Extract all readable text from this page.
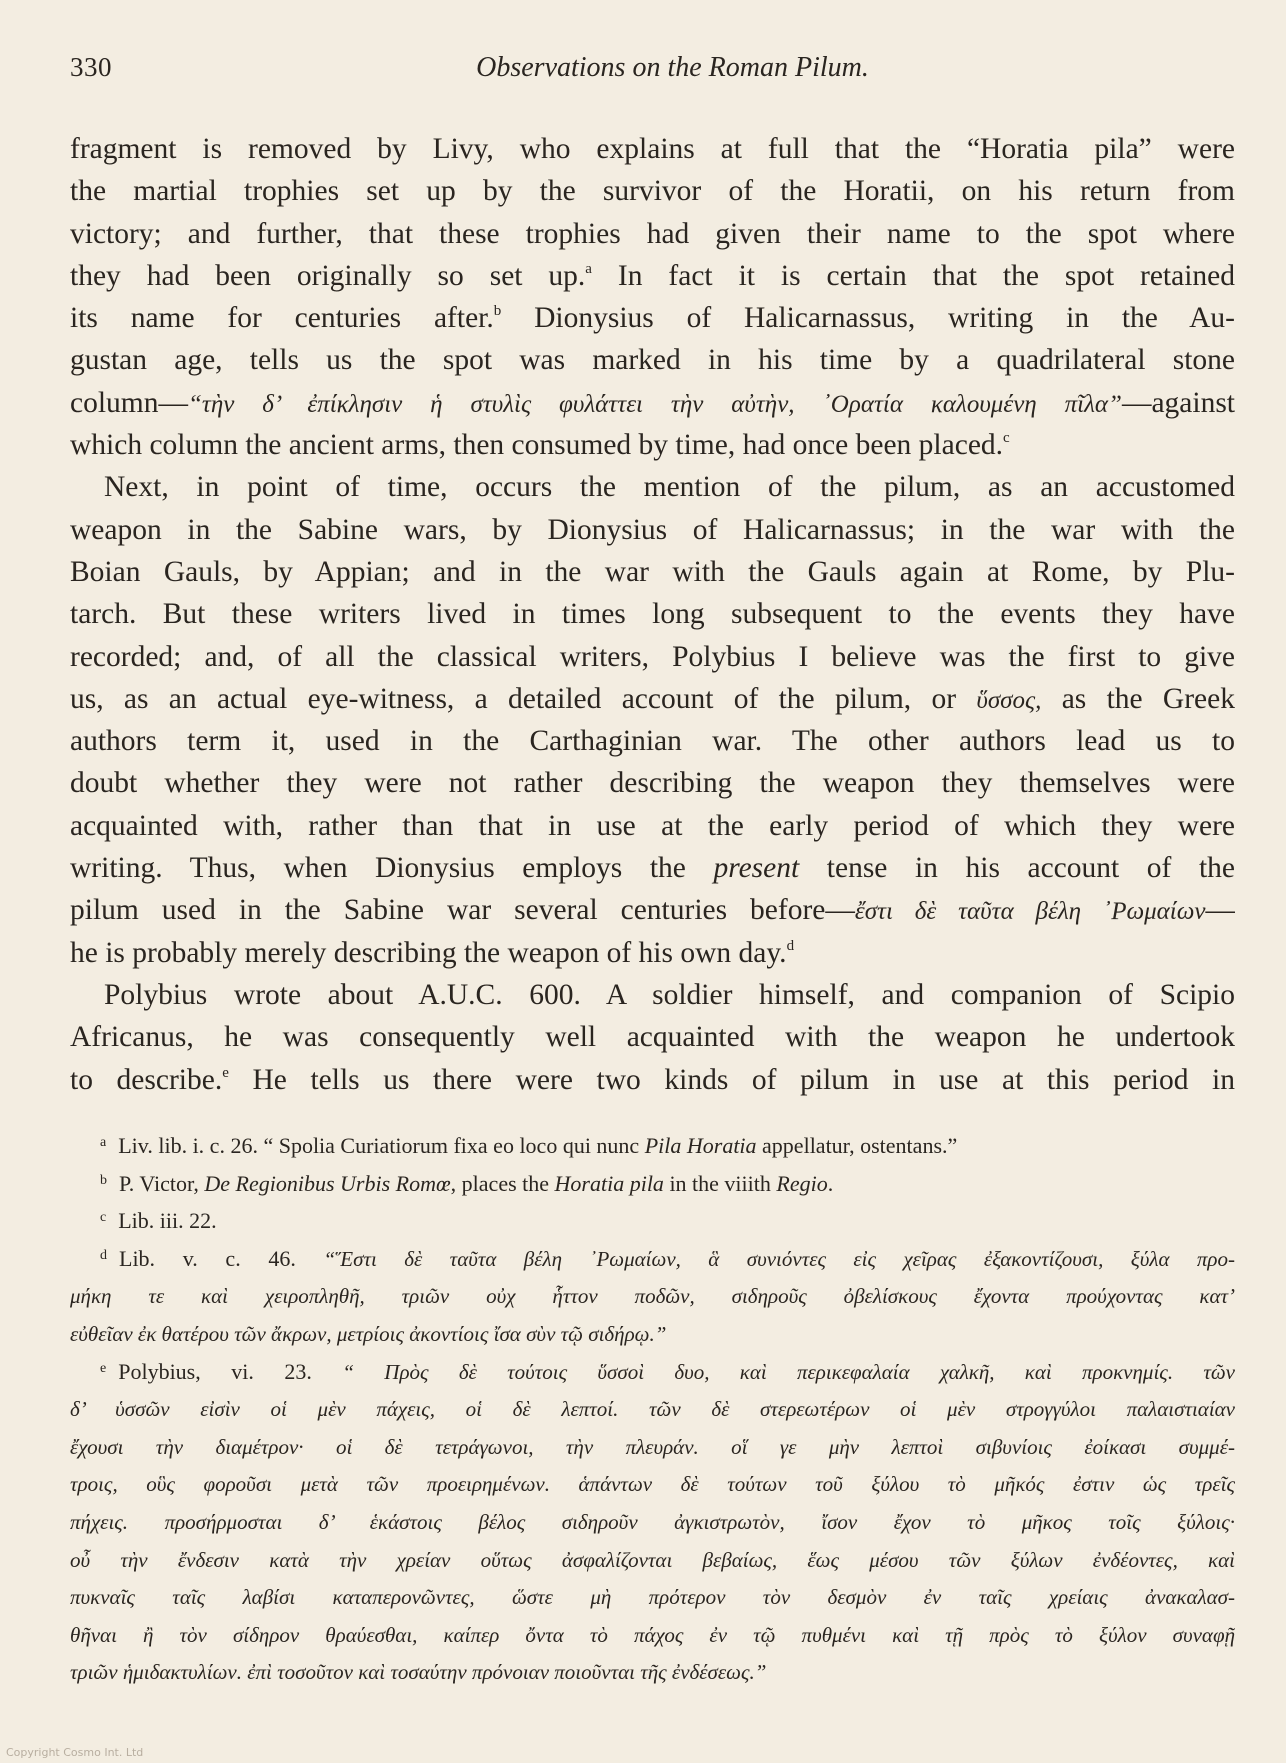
330	Observations on the Roman Pilum.
fragment is removed by Livy, who explains at full that the “Horatia pila” were
the martial trophies set up by the survivor of the Horatii, on his return from
victory; and further, that these trophies had given their name to the spot where
they had been originally so set up.$^a$ In fact it is certain that the spot retained
its name for centuries after.$^b$ Dionysius of Halicarnassus, writing in the Au-
gustan age, tells us the spot was marked in his time by a quadrilateral stone
column—“τὴν δ’ ἐπίκλησιν ἡ στυλὶς φυλάττει τὴν αὐτὴν, ᾿Ορατία καλουμένη πῖλα”—against
which column the ancient arms, then consumed by time, had once been placed.$^c$
Next, in point of time, occurs the mention of the pilum, as an accustomed
weapon in the Sabine wars, by Dionysius of Halicarnassus; in the war with the
Boian Gauls, by Appian; and in the war with the Gauls again at Rome, by Plu-
tarch. But these writers lived in times long subsequent to the events they have
recorded; and, of all the classical writers, Polybius I believe was the first to give
us, as an actual eye-witness, a detailed account of the pilum, or ὕσσος, as the Greek
authors term it, used in the Carthaginian war. The other authors lead us to
doubt whether they were not rather describing the weapon they themselves were
acquainted with, rather than that in use at the early period of which they were
writing. Thus, when Dionysius employs the present tense in his account of the
pilum used in the Sabine war several centuries before—ἔστι δὲ ταῦτα βέλη ᾿Ρωμαίων—
he is probably merely describing the weapon of his own day.$^d$
Polybius wrote about A.U.C. 600. A soldier himself, and companion of Scipio
Africanus, he was consequently well acquainted with the weapon he undertook
to describe.$^e$ He tells us there were two kinds of pilum in use at this period in
$^a$ Liv. lib. i. c. 26. “ Spolia Curiatiorum fixa eo loco qui nunc Pila Horatia appellatur, ostentans.”
$^b$ P. Victor, De Regionibus Urbis Romœ, places the Horatia pila in the viiith Regio.
$^c$ Lib. iii. 22.
$^d$ Lib. v. c. 46. “Ἕστι δὲ ταῦτα βέλη ᾿Ρωμαίων, ἃ συνιόντες εἰς χεῖρας ἐξακοντίζουσι, ξύλα προ-
μήκη τε καὶ χειροπληθῆ, τριῶν οὐχ ἧττον ποδῶν, σιδηροῦς ὀβελίσκους ἔχοντα προύχοντας κατ’
εὐθεῖαν ἐκ θατέρου τῶν ἄκρων, μετρίοις ἀκοντίοις ἴσα σὺν τῷ σιδήρῳ.”
$^e$ Polybius, vi. 23. “ Πρὸς δὲ τούτοις ὕσσοὶ δυο, καὶ περικεφαλαία χαλκῆ, καὶ προκνημίς. τῶν
δ’ ὑσσῶν εἰσὶν οἱ μὲν πάχεις, οἱ δὲ λεπτοί. τῶν δὲ στερεωτέρων οἱ μὲν στρογγύλοι παλαιστιαίαν
ἔχουσι τὴν διαμέτρον· οἱ δὲ τετράγωνοι, τὴν πλευράν. οἵ γε μὴν λεπτοὶ σιβυνίοις ἐοίκασι συμμέ-
τροις, οὓς φοροῦσι μετὰ τῶν προειρημένων. ἁπάντων δὲ τούτων τοῦ ξύλου τὸ μῆκός ἐστιν ὡς τρεῖς
πήχεις. προσήρμοσται δ’ ἑκάστοις βέλος σιδηροῦν ἀγκιστρωτὸν, ἴσον ἔχον τὸ μῆκος τοῖς ξύλοις·
οὖ τὴν ἔνδεσιν κατὰ τὴν χρείαν οὕτως ἀσφαλίζονται βεβαίως, ἕως μέσου τῶν ξύλων ἐνδέοντες, καὶ
πυκναῖς ταῖς λαβίσι καταπερονῶντες, ὥστε μὴ πρότερον τὸν δεσμὸν ἐν ταῖς χρείαις ἀνακαλασ-
θῆναι ἢ τὸν σίδηρον θραύεσθαι, καίπερ ὄντα τὸ πάχος ἐν τῷ πυθμένι καὶ τῇ πρὸς τὸ ξύλον συναφῇ
τριῶν ἡμιδακτυλίων. ἐπὶ τοσοῦτον καὶ τοσαύτην πρόνοιαν ποιοῦνται τῆς ἐνδέσεως.”
Copyright Cosmo Int. Ltd
